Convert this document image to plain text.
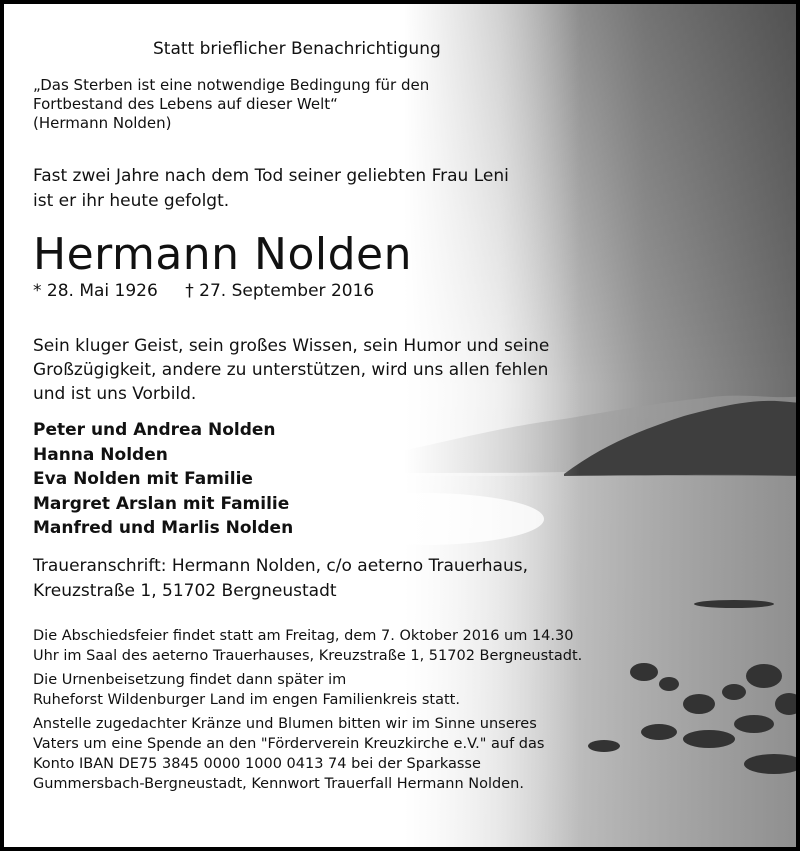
Statt brieflicher Benachrichtigung
„Das Sterben ist eine notwendige Bedingung für den
Fortbestand des Lebens auf dieser Welt“
(Hermann Nolden)
Fast zwei Jahre nach dem Tod seiner geliebten Frau Leni
ist er ihr heute gefolgt.
Hermann Nolden
* 28. Mai 1926 † 27. September 2016
Sein kluger Geist, sein großes Wissen, sein Humor und seine
Großzügigkeit, andere zu unterstützen, wird uns allen fehlen
und ist uns Vorbild.
Peter und Andrea Nolden
Hanna Nolden
Eva Nolden mit Familie
Margret Arslan mit Familie
Manfred und Marlis Nolden
Traueranschrift: Hermann Nolden, c/o aeterno Trauerhaus,
Kreuzstraße 1, 51702 Bergneustadt

Die Abschiedsfeier findet statt am Freitag, dem 7. Oktober 2016 um 14.30
Uhr im Saal des aeterno Trauerhauses, Kreuzstraße 1, 51702 Bergneustadt.

Die Urnenbeisetzung findet dann später im
Ruheforst Wildenburger Land im engen Familienkreis statt.

Anstelle zugedachter Kränze und Blumen bitten wir im Sinne unseres
Vaters um eine Spende an den "Förderverein Kreuzkirche e.V." auf das
Konto IBAN DE75 3845 0000 1000 0413 74 bei der Sparkasse
Gummersbach-Bergneustadt, Kennwort Trauerfall Hermann Nolden.
